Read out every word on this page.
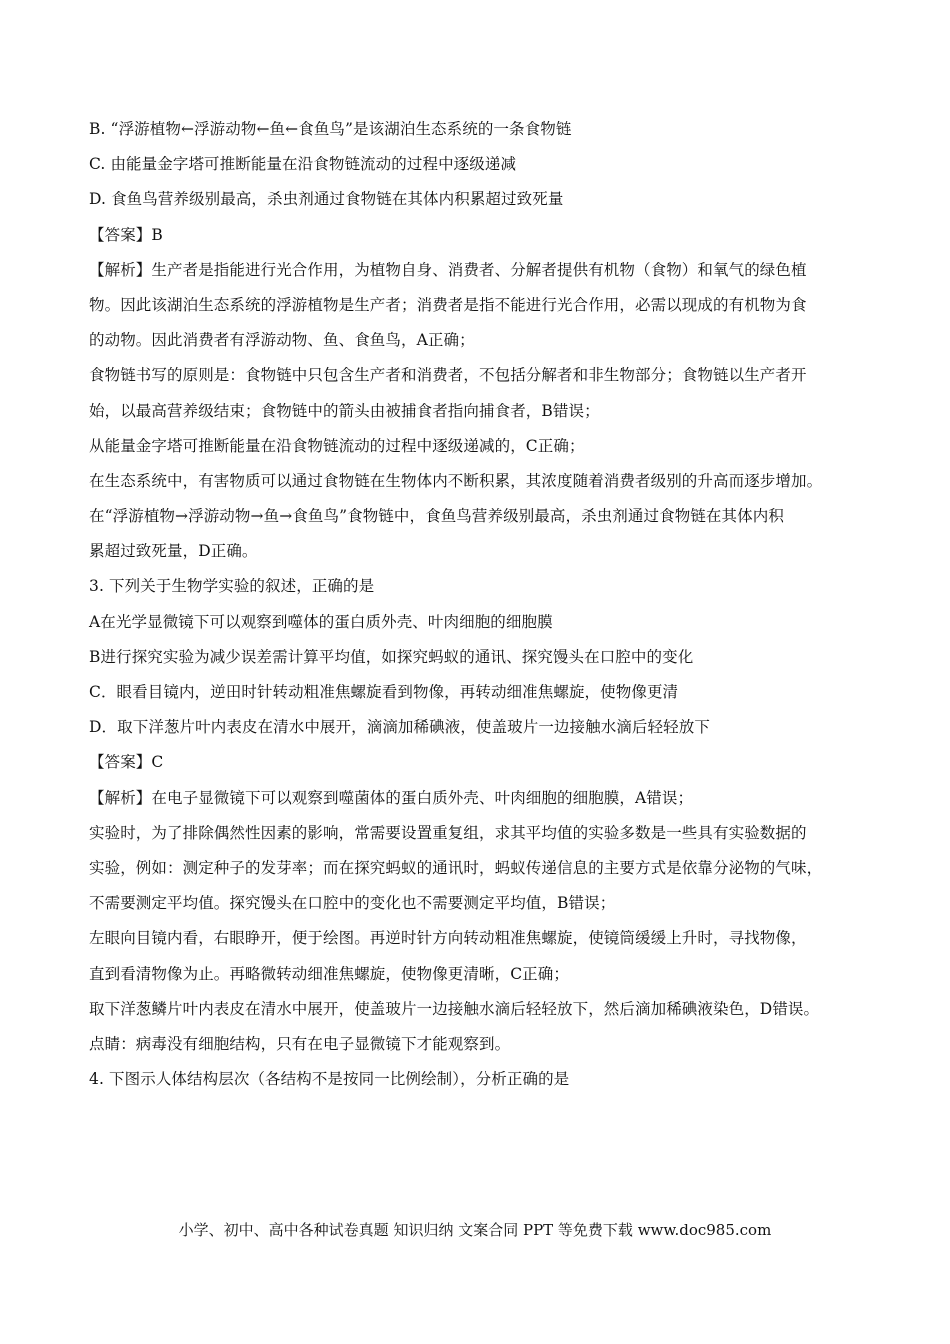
B. “浮游植物←浮游动物←鱼←食鱼鸟”是该湖泊生态系统的一条食物链
C. 由能量金字塔可推断能量在沿食物链流动的过程中逐级递减
D. 食鱼鸟营养级别最高，杀虫剂通过食物链在其体内积累超过致死量
【答案】B
【解析】生产者是指能进行光合作用，为植物自身、消费者、分解者提供有机物（食物）和氧气的绿色植
物。因此该湖泊生态系统的浮游植物是生产者；消费者是指不能进行光合作用，必需以现成的有机物为食
的动物。因此消费者有浮游动物、鱼、食鱼鸟，A正确；
食物链书写的原则是：食物链中只包含生产者和消费者，不包括分解者和非生物部分；食物链以生产者开
始，以最高营养级结束；食物链中的箭头由被捕食者指向捕食者，B错误；
从能量金字塔可推断能量在沿食物链流动的过程中逐级递减的，C正确；
在生态系统中，有害物质可以通过食物链在生物体内不断积累，其浓度随着消费者级别的升高而逐步增加。
在“浮游植物→浮游动物→鱼→食鱼鸟”食物链中，食鱼鸟营养级别最高，杀虫剂通过食物链在其体内积
累超过致死量，D正确。
3. 下列关于生物学实验的叙述，正确的是
A在光学显微镜下可以观察到噬体的蛋白质外壳、叶肉细胞的细胞膜
B进行探究实验为减少误差需计算平均值，如探究蚂蚁的通讯、探究馒头在口腔中的变化
C．眼看目镜内，逆田时针转动粗准焦螺旋看到物像，再转动细准焦螺旋，使物像更清
D．取下洋葱片叶内表皮在清水中展开，滴滴加稀碘液，使盖玻片一边接触水滴后轻轻放下
【答案】C
【解析】在电子显微镜下可以观察到噬菌体的蛋白质外壳、叶肉细胞的细胞膜，A错误；
实验时，为了排除偶然性因素的影响，常需要设置重复组，求其平均值的实验多数是一些具有实验数据的
实验，例如：测定种子的发芽率；而在探究蚂蚁的通讯时，蚂蚁传递信息的主要方式是依靠分泌物的气味，
不需要测定平均值。探究馒头在口腔中的变化也不需要测定平均值，B错误；
左眼向目镜内看，右眼睁开，便于绘图。再逆时针方向转动粗准焦螺旋，使镜筒缓缓上升时，寻找物像，
直到看清物像为止。再略微转动细准焦螺旋，使物像更清晰，C正确；
取下洋葱鳞片叶内表皮在清水中展开，使盖玻片一边接触水滴后轻轻放下，然后滴加稀碘液染色，D错误。
点睛：病毒没有细胞结构，只有在电子显微镜下才能观察到。
4. 下图示人体结构层次（各结构不是按同一比例绘制），分析正确的是
小学、初中、高中各种试卷真题 知识归纳 文案合同 PPT 等免费下载 www.doc985.com
